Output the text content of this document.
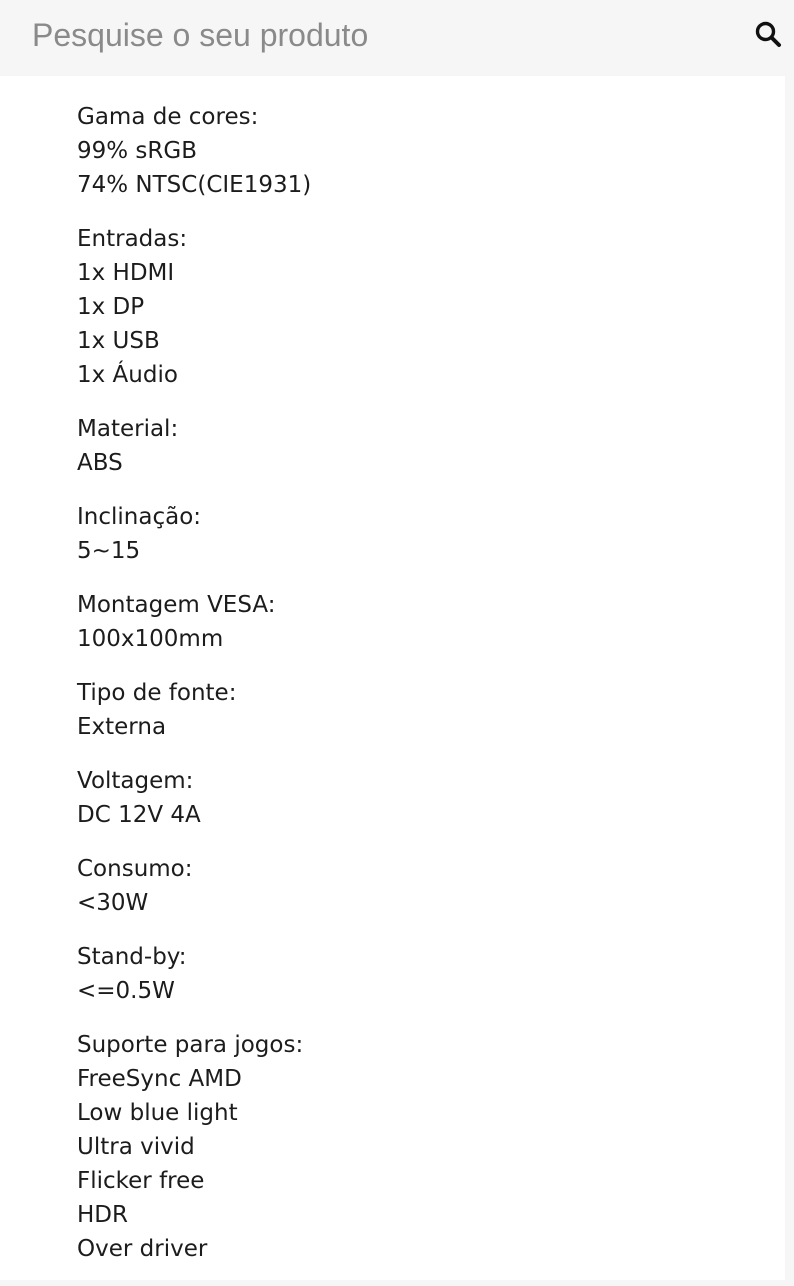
Pesquise o seu produto
Gama de cores:
99% sRGB
74% NTSC(CIE1931)
Entradas:
1x HDMI
1x DP
1x USB
1x Áudio
Material:
ABS
Inclinação:
5~15
Montagem VESA:
100x100mm
Tipo de fonte:
Externa
Voltagem:
DC 12V 4A
Consumo:
<30W
Stand-by:
<=0.5W
Suporte para jogos:
FreeSync AMD
Low blue light
Ultra vivid
Flicker free
HDR
Over driver
